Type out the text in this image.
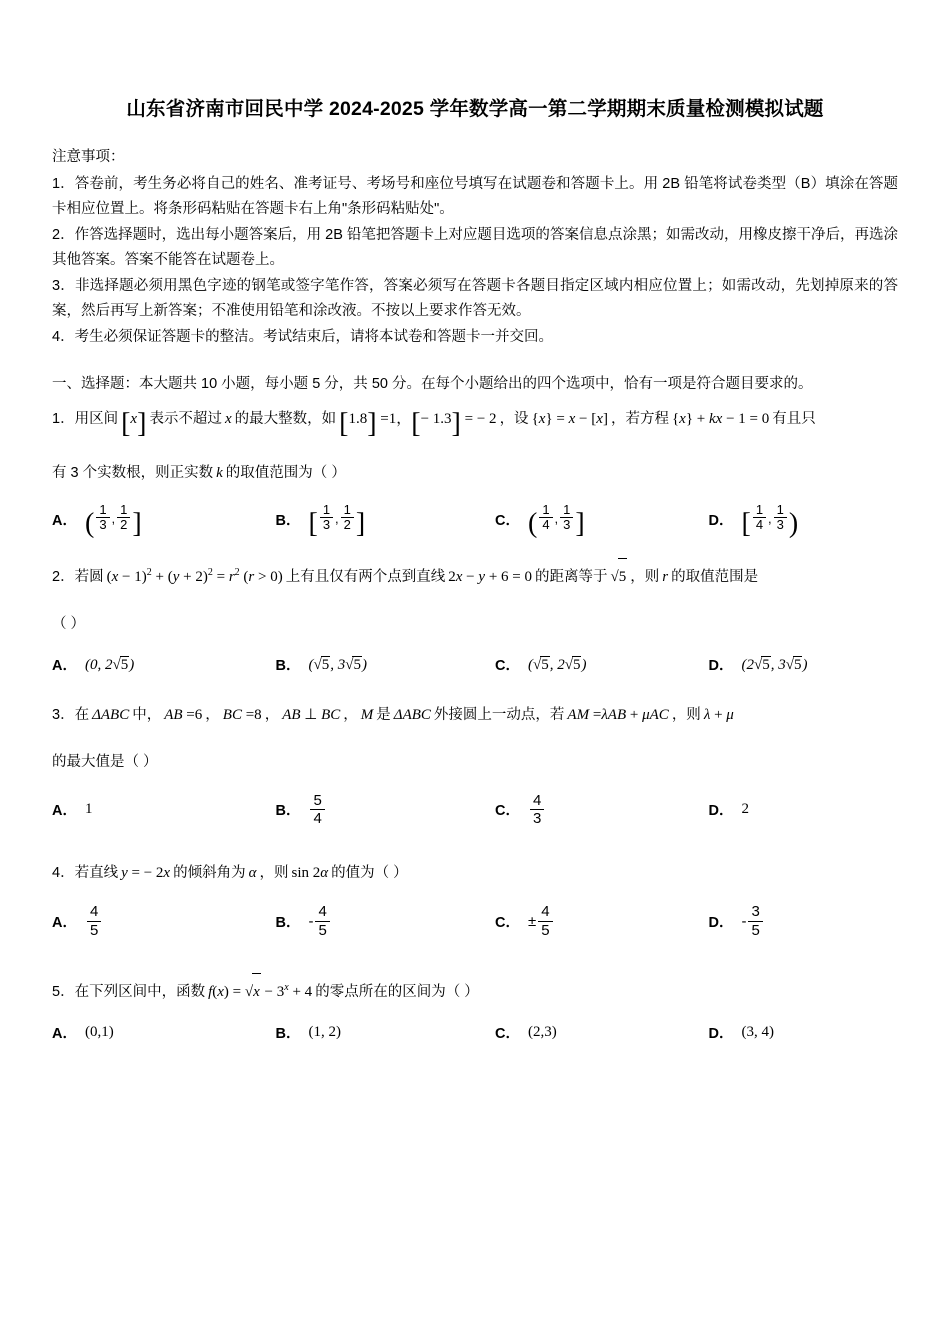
山东省济南市回民中学 2024-2025 学年数学高一第二学期期末质量检测模拟试题

注意事项：

1．答卷前，考生务必将自己的姓名、准考证号、考场号和座位号填写在试题卷和答题卡上。用 2B 铅笔将试卷类型（B）填涂在答题卡相应位置上。将条形码粘贴在答题卡右上角"条形码粘贴处"。

2．作答选择题时，选出每小题答案后，用 2B 铅笔把答题卡上对应题目选项的答案信息点涂黑；如需改动，用橡皮擦干净后，再选涂其他答案。答案不能答在试题卷上。

3．非选择题必须用黑色字迹的钢笔或签字笔作答，答案必须写在答题卡各题目指定区域内相应位置上；如需改动，先划掉原来的答案，然后再写上新答案；不准使用铅笔和涂改液。不按以上要求作答无效。

4．考生必须保证答题卡的整洁。考试结束后，请将本试卷和答题卡一并交回。

一、选择题：本大题共 10 小题，每小题 5 分，共 50 分。在每个小题给出的四个选项中，恰有一项是符合题目要求的。

1．用区间  [x]  表示不超过 x 的最大整数，如  [1.8] =1，[− 1.3] = − 2  ，设  {x} = x − [x]  ，若方程  {x} + kx − 1 = 0  有且只
有 3 个实数根，则正实数 k 的取值范围为（ ）
A． ( $\frac{1}{3}$ , $\frac{1}{2}$ ]	B． [ $\frac{1}{3}$ , $\frac{1}{2}$ ]	C． ( $\frac{1}{4}$ , $\frac{1}{3}$ ]	D． [ $\frac{1}{4}$ , $\frac{1}{3}$ )
2．若圆  $(x - 1)^2 + (y + 2)^2 = r^2$ (r > 0)  上有且仅有两个点到直线  2x − y + 6 = 0  的距离等于  √5  ，则 r 的取值范围是
（ ）
A． (0, 2√5)	B． (√5, 3√5)	C． (√5, 2√5)	D． (2√5, 3√5)
3．在 ΔABC 中， AB =6  ， BC =8  ， AB ⊥ BC ， M 是 ΔABC 外接圆上一动点，若 AM =λAB + μAC ，则 λ + μ 
的最大值是（ ）
A． 1	B． $\frac{5}{4}$	C． $\frac{4}{3}$	D． 2
4．若直线 y = − 2x 的倾斜角为 α ，则  sin 2α 的值为（ ）
A． $\frac{4}{5}$	B． - $\frac{4}{5}$	C． ± $\frac{4}{5}$	D． - $\frac{3}{5}$
5．在下列区间中，函数 $f(x) = √x - 3^x + 4$  的零点所在的区间为（ ）
A． (0,1)	B． (1, 2)	C． (2,3)	D． (3, 4)
